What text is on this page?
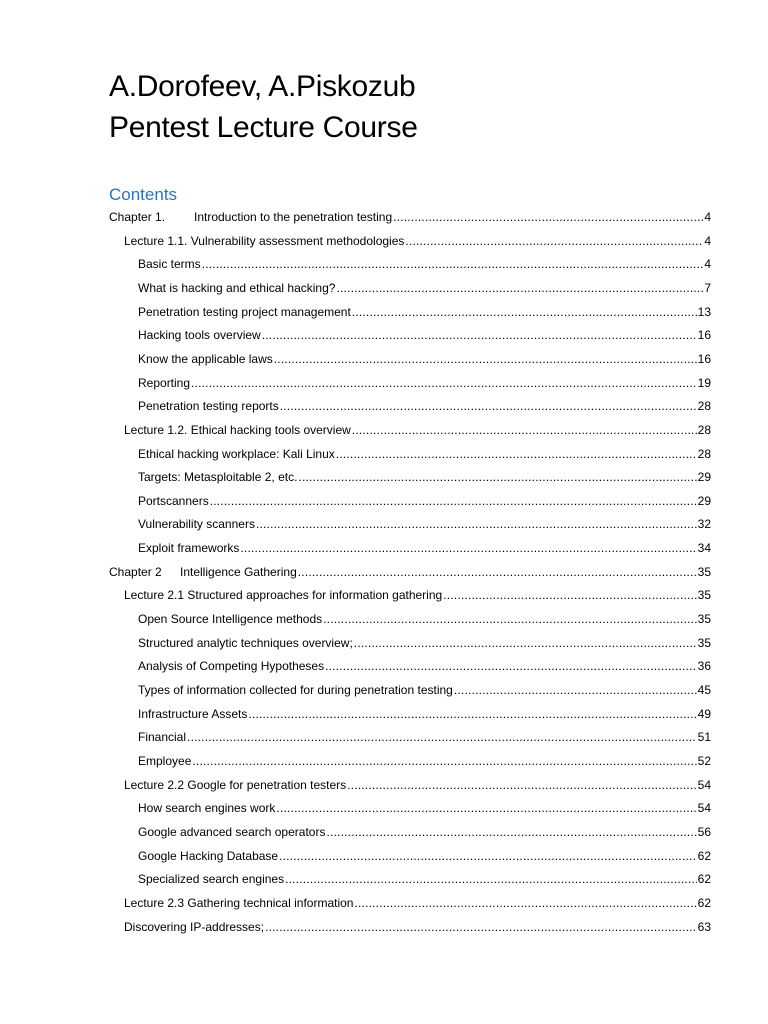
A.Dorofeev, A.Piskozub
Pentest Lecture Course
Contents
Chapter 1.	Introduction to the penetration testing .....	4
Lecture 1.1. Vulnerability assessment methodologies .....	4
Basic terms .....	4
What is hacking and ethical hacking? .....	7
Penetration testing project management .....	13
Hacking tools overview .....	16
Know the applicable laws .....	16
Reporting .....	19
Penetration testing reports .....	28
Lecture 1.2. Ethical hacking tools overview .....	28
Ethical hacking workplace: Kali Linux .....	28
Targets: Metasploitable 2, etc. .....	29
Portscanners .....	29
Vulnerability scanners .....	32
Exploit frameworks .....	34
Chapter 2	Intelligence Gathering .....	35
Lecture 2.1 Structured approaches for information gathering .....	35
Open Source Intelligence methods .....	35
Structured analytic techniques overview; .....	35
Analysis of Competing Hypotheses .....	36
Types of information collected for during penetration testing .....	45
Infrastructure Assets .....	49
Financial .....	51
Employee .....	52
Lecture 2.2 Google for penetration testers .....	54
How search engines work .....	54
Google advanced search operators .....	56
Google Hacking Database .....	62
Specialized search engines .....	62
Lecture 2.3 Gathering technical information .....	62
Discovering IP-addresses; .....	63
